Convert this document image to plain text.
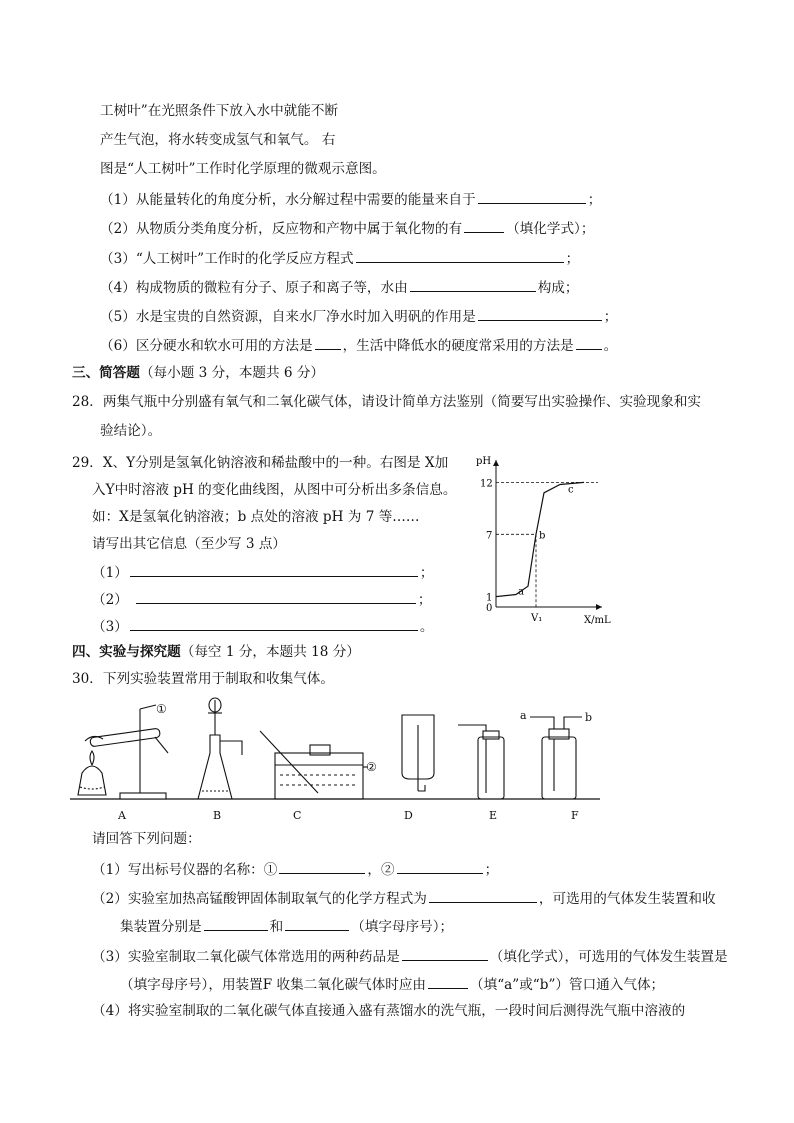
工树叶”在光照条件下放入水中就能不断
产生气泡，将水转变成氢气和氧气。 右
图是“人工树叶”工作时化学原理的微观示意图。
（1）从能量转化的角度分析，水分解过程中需要的能量来自于	；
（2）从物质分类角度分析，反应物和产物中属于氧化物的有	（填化学式）；
（3）“人工树叶”工作时的化学反应方程式	；
（4）构成物质的微粒有分子、原子和离子等，水由	构成；
（5）水是宝贵的自然资源，自来水厂净水时加入明矾的作用是	；
（6）区分硬水和软水可用的方法是 ，生活中降低水的硬度常采用的方法是 。
三、简答题（每小题 3 分，本题共 6 分）
28．两集气瓶中分别盛有氧气和二氧化碳气体，请设计简单方法鉴别（简要写出实验操作、实验现象和实
验结论）。
29．X、Y分别是氢氧化钠溶液和稀盐酸中的一种。右图是 X加
入Y中时溶液 pH 的变化曲线图，从图中可分析出多条信息。
如：X是氢氧化钠溶液；b 点处的溶液 pH 为 7 等……
请写出其它信息（至少写 3 点）
（1）	；
（2）	；
（3）	。
pH
X/mL
0
1
7
12
V₁
a
b
c
四、实验与探究题（每空 1 分，本题共 18 分）
30．下列实验装置常用于制取和收集气体。
①
②
a	b
A	B	C	D	E	F
请回答下列问题：
（1）写出标号仪器的名称：①	，②	；
（2）实验室加热高锰酸钾固体制取氧气的化学方程式为	，可选用的气体发生装置和收
集装置分别是	和	（填字母序号）；
（3）实验室制取二氧化碳气体常选用的两种药品是	（填化学式），可选用的气体发生装置是
（填字母序号），用装置F 收集二氧化碳气体时应由	（填“a”或“b”）管口通入气体；
（4）将实验室制取的二氧化碳气体直接通入盛有蒸馏水的洗气瓶，一段时间后测得洗气瓶中溶液的
